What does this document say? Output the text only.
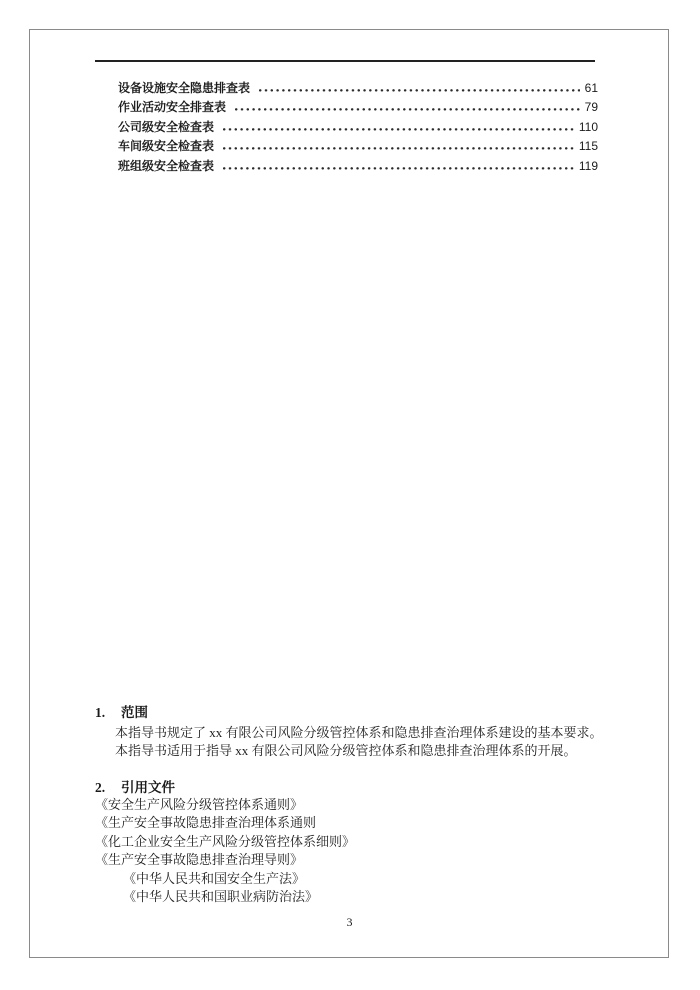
设备设施安全隐患排查表	61
作业活动安全排查表	79
公司级安全检查表	110
车间级安全检查表	115
班组级安全检查表	119
1.	范围
本指导书规定了 xx 有限公司风险分级管控体系和隐患排查治理体系建设的基本要求。
本指导书适用于指导 xx 有限公司风险分级管控体系和隐患排查治理体系的开展。
2.	引用文件
《安全生产风险分级管控体系通则》
《生产安全事故隐患排查治理体系通则
《化工企业安全生产风险分级管控体系细则》
《生产安全事故隐患排查治理导则》
《中华人民共和国安全生产法》
《中华人民共和国职业病防治法》
3
